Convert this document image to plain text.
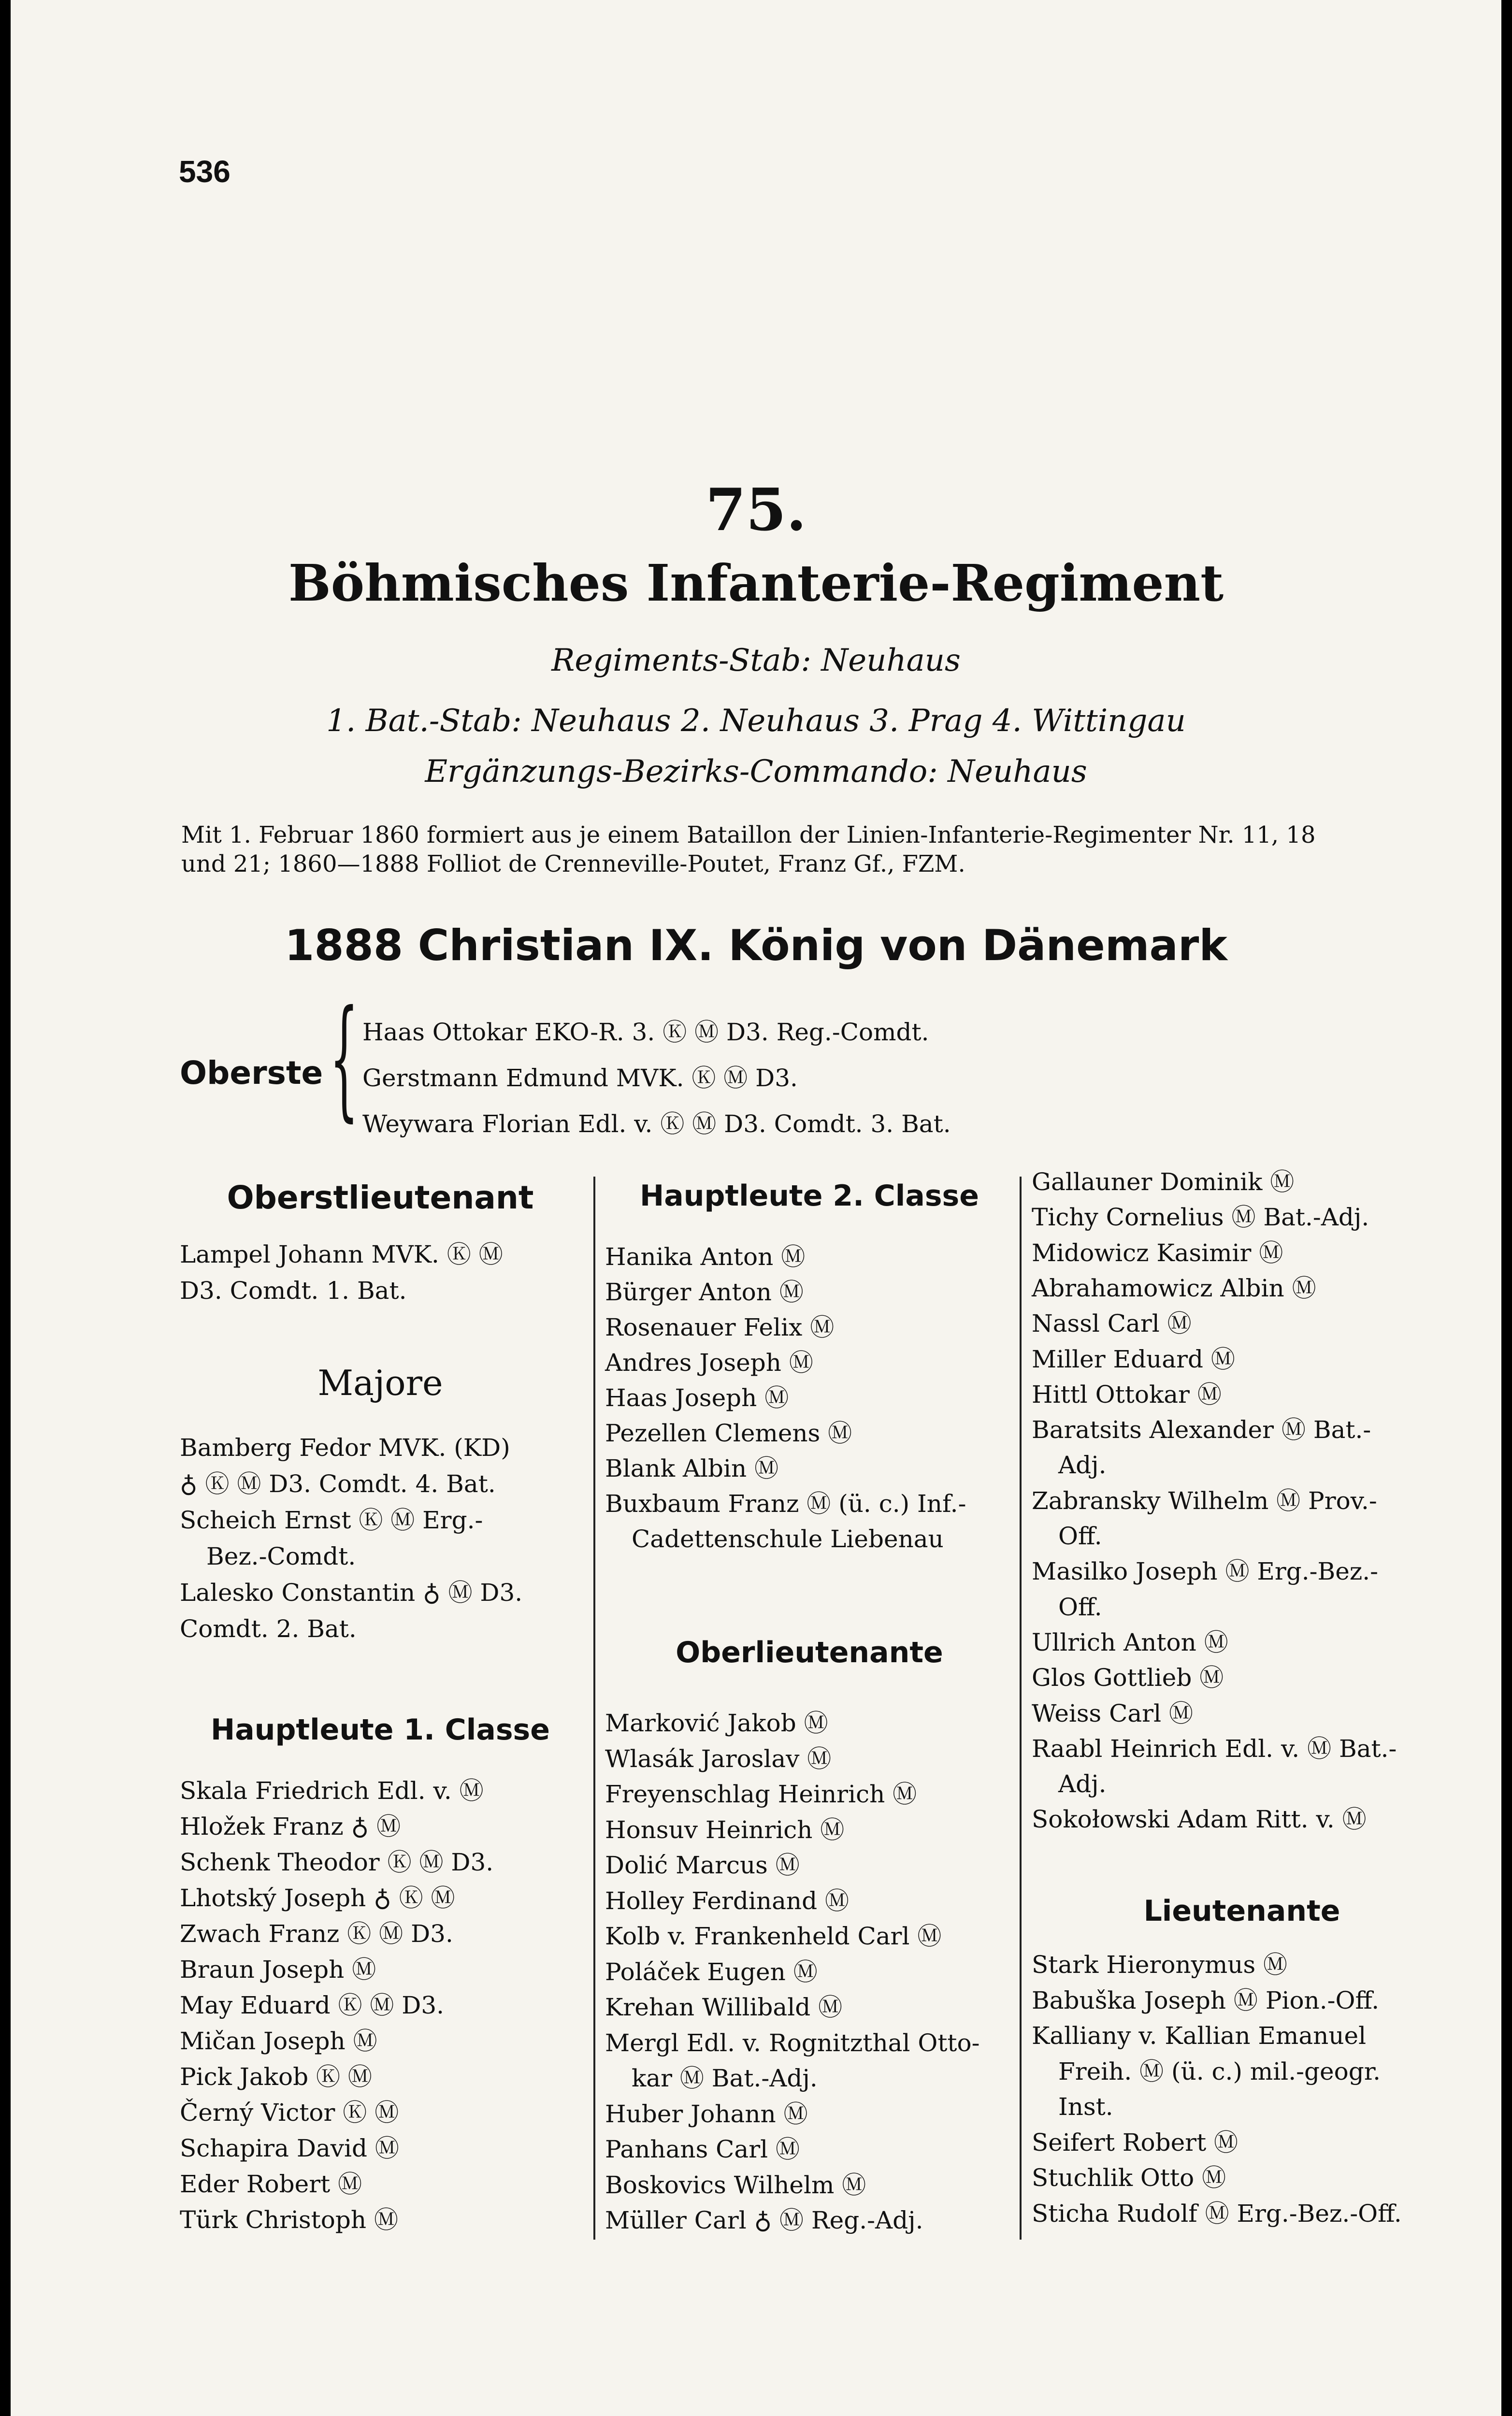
536
75.
Böhmisches Infanterie-Regiment
Regiments-Stab: Neuhaus
1. Bat.-Stab: Neuhaus 2. Neuhaus 3. Prag 4. Wittingau
Ergänzungs-Bezirks-Commando: Neuhaus
Mit 1. Februar 1860 formiert aus je einem Bataillon der Linien-Infanterie-Regimenter Nr. 11, 18
und 21; 1860—1888 Folliot de Crenneville-Poutet, Franz Gf., FZM.
1888 Christian IX. König von Dänemark
Oberste { Haas Ottokar EKO-R. 3. Ⓚ Ⓜ D3. Reg.-Comdt.
Gerstmann Edmund MVK. Ⓚ Ⓜ D3.
Weywara Florian Edl. v. Ⓚ Ⓜ D3. Comdt. 3. Bat.
Oberstlieutenant
Lampel Johann MVK. Ⓚ Ⓜ
D3. Comdt. 1. Bat.
Majore
Bamberg Fedor MVK. (KD)
♁ Ⓚ Ⓜ D3. Comdt. 4. Bat.
Scheich Ernst Ⓚ Ⓜ Erg.-
Bez.-Comdt.
Lalesko Constantin ♁ Ⓜ D3.
Comdt. 2. Bat.
Hauptleute 1. Classe
Skala Friedrich Edl. v. Ⓜ
Hložek Franz ♁ Ⓜ
Schenk Theodor Ⓚ Ⓜ D3.
Lhotský Joseph ♁ Ⓚ Ⓜ
Zwach Franz Ⓚ Ⓜ D3.
Braun Joseph Ⓜ
May Eduard Ⓚ Ⓜ D3.
Mičan Joseph Ⓜ
Pick Jakob Ⓚ Ⓜ
Černý Victor Ⓚ Ⓜ
Schapira David Ⓜ
Eder Robert Ⓜ
Türk Christoph Ⓜ
Hauptleute 2. Classe
Hanika Anton Ⓜ
Bürger Anton Ⓜ
Rosenauer Felix Ⓜ
Andres Joseph Ⓜ
Haas Joseph Ⓜ
Pezellen Clemens Ⓜ
Blank Albin Ⓜ
Buxbaum Franz Ⓜ (ü. c.) Inf.-
Cadettenschule Liebenau
Oberlieutenante
Marković Jakob Ⓜ
Wlasák Jaroslav Ⓜ
Freyenschlag Heinrich Ⓜ
Honsuv Heinrich Ⓜ
Dolić Marcus Ⓜ
Holley Ferdinand Ⓜ
Kolb v. Frankenheld Carl Ⓜ
Poláček Eugen Ⓜ
Krehan Willibald Ⓜ
Mergl Edl. v. Rognitzthal Otto-
kar Ⓜ Bat.-Adj.
Huber Johann Ⓜ
Panhans Carl Ⓜ
Boskovics Wilhelm Ⓜ
Müller Carl ♁ Ⓜ Reg.-Adj.
Gallauner Dominik Ⓜ
Tichy Cornelius Ⓜ Bat.-Adj.
Midowicz Kasimir Ⓜ
Abrahamowicz Albin Ⓜ
Nassl Carl Ⓜ
Miller Eduard Ⓜ
Hittl Ottokar Ⓜ
Baratsits Alexander Ⓜ Bat.-
Adj.
Zabransky Wilhelm Ⓜ Prov.-
Off.
Masilko Joseph Ⓜ Erg.-Bez.-
Off.
Ullrich Anton Ⓜ
Glos Gottlieb Ⓜ
Weiss Carl Ⓜ
Raabl Heinrich Edl. v. Ⓜ Bat.-
Adj.
Sokołowski Adam Ritt. v. Ⓜ
Lieutenante
Stark Hieronymus Ⓜ
Babuška Joseph Ⓜ Pion.-Off.
Kalliany v. Kallian Emanuel
Freih. Ⓜ (ü. c.) mil.-geogr.
Inst.
Seifert Robert Ⓜ
Stuchlik Otto Ⓜ
Sticha Rudolf Ⓜ Erg.-Bez.-Off.
